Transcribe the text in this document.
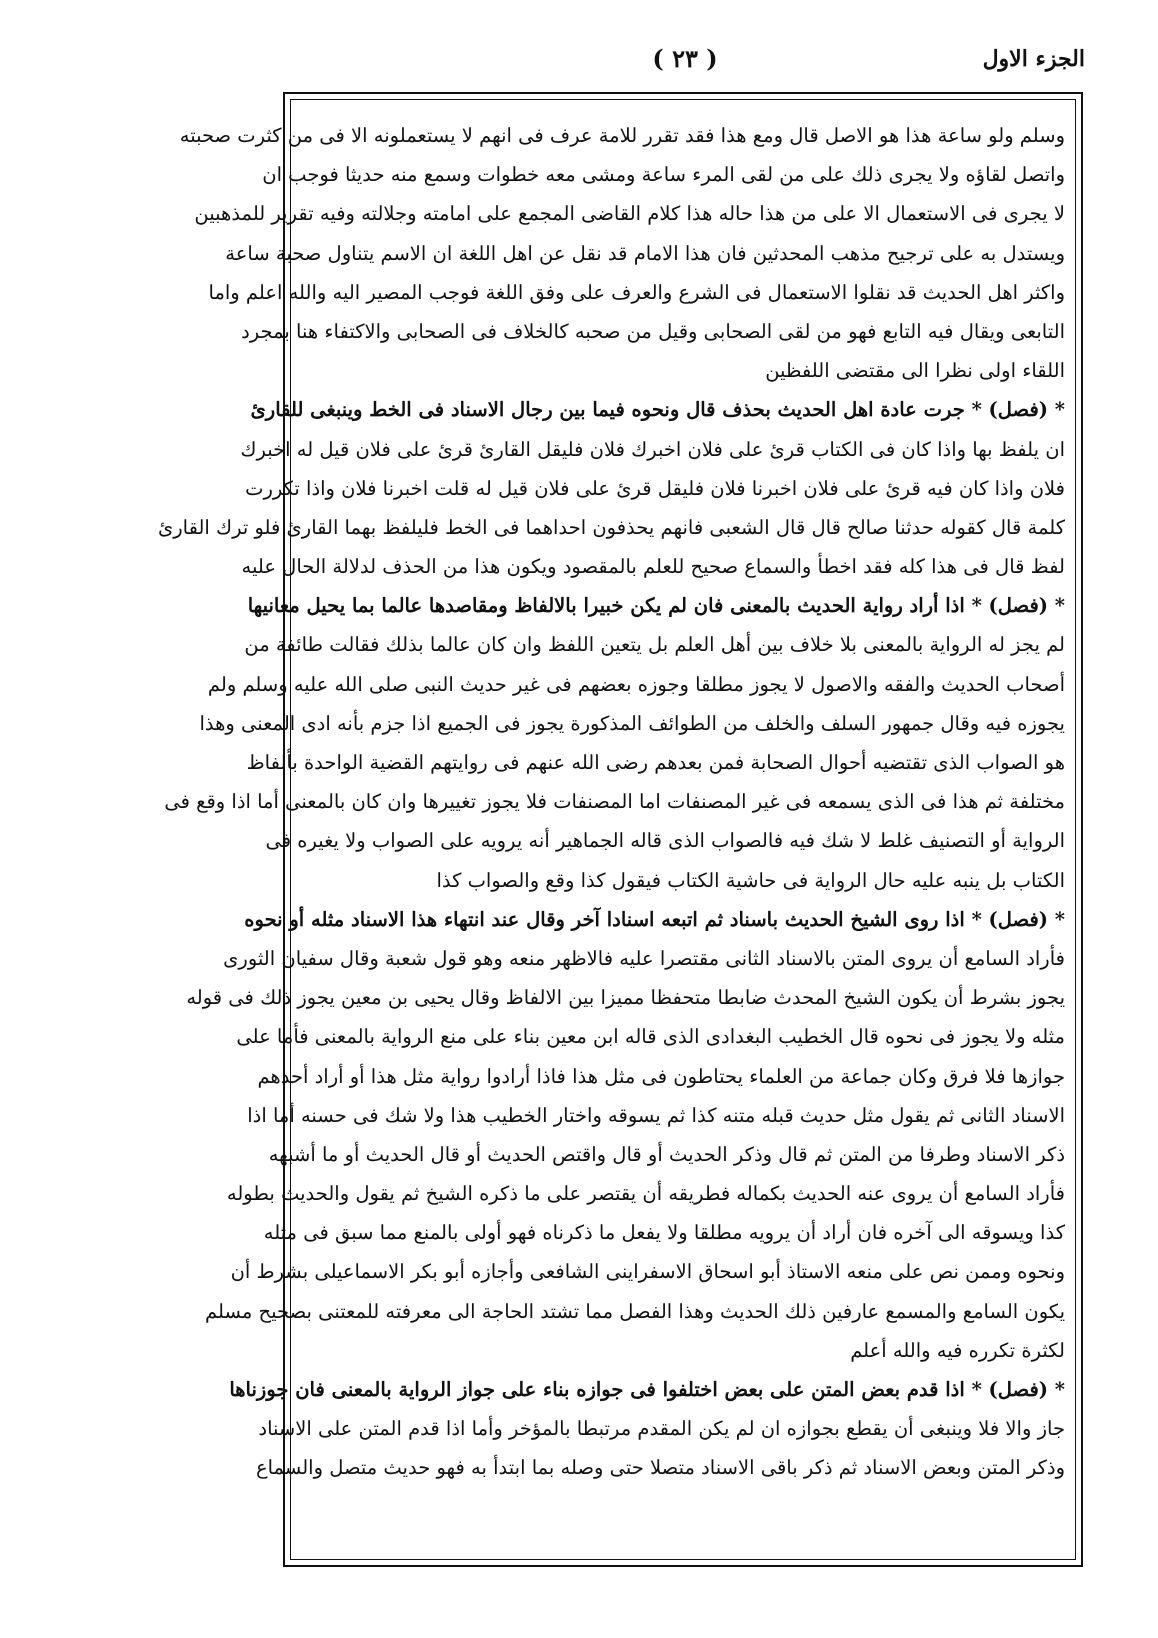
الجزء الاول
( ٢٣ )
وسلم ولو ساعة هذا هو الاصل قال ومع هذا فقد تقرر للامة عرف فى انهم لا يستعملونه الا فى من كثرت صحبته
واتصل لقاؤه ولا يجرى ذلك على من لقى المرء ساعة ومشى معه خطوات وسمع منه حديثا فوجب ان
لا يجرى فى الاستعمال الا على من هذا حاله هذا كلام القاضى المجمع على امامته وجلالته وفيه تقرير للمذهبين
ويستدل به على ترجيح مذهب المحدثين فان هذا الامام قد نقل عن اهل اللغة ان الاسم يتناول صحبة ساعة
واكثر اهل الحديث قد نقلوا الاستعمال فى الشرع والعرف على وفق اللغة فوجب المصير اليه والله اعلم واما
التابعى ويقال فيه التابع فهو من لقى الصحابى وقيل من صحبه كالخلاف فى الصحابى والاكتفاء هنا بمجرد
اللقاء اولى نظرا الى مقتضى اللفظين
* (فصل) * جرت عادة اهل الحديث بحذف قال ونحوه فيما بين رجال الاسناد فى الخط وينبغى للقارئ
ان يلفظ بها واذا كان فى الكتاب قرئ على فلان اخبرك فلان فليقل القارئ قرئ على فلان قيل له اخبرك
فلان واذا كان فيه قرئ على فلان اخبرنا فلان فليقل قرئ على فلان قيل له قلت اخبرنا فلان واذا تكررت
كلمة قال كقوله حدثنا صالح قال قال الشعبى فانهم يحذفون احداهما فى الخط فليلفظ بهما القارئ فلو ترك القارئ
لفظ قال فى هذا كله فقد اخطأ والسماع صحيح للعلم بالمقصود ويكون هذا من الحذف لدلالة الحال عليه
* (فصل) * اذا أراد رواية الحديث بالمعنى فان لم يكن خبيرا بالالفاظ ومقاصدها عالما بما يحيل معانيها
لم يجز له الرواية بالمعنى بلا خلاف بين أهل العلم بل يتعين اللفظ وان كان عالما بذلك فقالت طائفة من
أصحاب الحديث والفقه والاصول لا يجوز مطلقا وجوزه بعضهم فى غير حديث النبى صلى الله عليه وسلم ولم
يجوزه فيه وقال جمهور السلف والخلف من الطوائف المذكورة يجوز فى الجميع اذا جزم بأنه ادى المعنى وهذا
هو الصواب الذى تقتضيه أحوال الصحابة فمن بعدهم رضى الله عنهم فى روايتهم القضية الواحدة بألفاظ
مختلفة ثم هذا فى الذى يسمعه فى غير المصنفات اما المصنفات فلا يجوز تغييرها وان كان بالمعنى أما اذا وقع فى
الرواية أو التصنيف غلط لا شك فيه فالصواب الذى قاله الجماهير أنه يرويه على الصواب ولا يغيره فى
الكتاب بل ينبه عليه حال الرواية فى حاشية الكتاب فيقول كذا وقع والصواب كذا
* (فصل) * اذا روى الشيخ الحديث باسناد ثم اتبعه اسنادا آخر وقال عند انتهاء هذا الاسناد مثله أو نحوه
فأراد السامع أن يروى المتن بالاسناد الثانى مقتصرا عليه فالاظهر منعه وهو قول شعبة وقال سفيان الثورى
يجوز بشرط أن يكون الشيخ المحدث ضابطا متحفظا مميزا بين الالفاظ وقال يحيى بن معين يجوز ذلك فى قوله
مثله ولا يجوز فى نحوه قال الخطيب البغدادى الذى قاله ابن معين بناء على منع الرواية بالمعنى فأما على
جوازها فلا فرق وكان جماعة من العلماء يحتاطون فى مثل هذا فاذا أرادوا رواية مثل هذا أو أراد أحدهم
الاسناد الثانى ثم يقول مثل حديث قبله متنه كذا ثم يسوقه واختار الخطيب هذا ولا شك فى حسنه أما اذا
ذكر الاسناد وطرفا من المتن ثم قال وذكر الحديث أو قال واقتص الحديث أو قال الحديث أو ما أشبهه
فأراد السامع أن يروى عنه الحديث بكماله فطريقه أن يقتصر على ما ذكره الشيخ ثم يقول والحديث بطوله
كذا ويسوقه الى آخره فان أراد أن يرويه مطلقا ولا يفعل ما ذكرناه فهو أولى بالمنع مما سبق فى مثله
ونحوه وممن نص على منعه الاستاذ أبو اسحاق الاسفراينى الشافعى وأجازه أبو بكر الاسماعيلى بشرط أن
يكون السامع والمسمع عارفين ذلك الحديث وهذا الفصل مما تشتد الحاجة الى معرفته للمعتنى بصحيح مسلم
لكثرة تكرره فيه والله أعلم
* (فصل) * اذا قدم بعض المتن على بعض اختلفوا فى جوازه بناء على جواز الرواية بالمعنى فان جوزناها
جاز والا فلا وينبغى أن يقطع بجوازه ان لم يكن المقدم مرتبطا بالمؤخر وأما اذا قدم المتن على الاسناد
وذكر المتن وبعض الاسناد ثم ذكر باقى الاسناد متصلا حتى وصله بما ابتدأ به فهو حديث متصل والسماع
